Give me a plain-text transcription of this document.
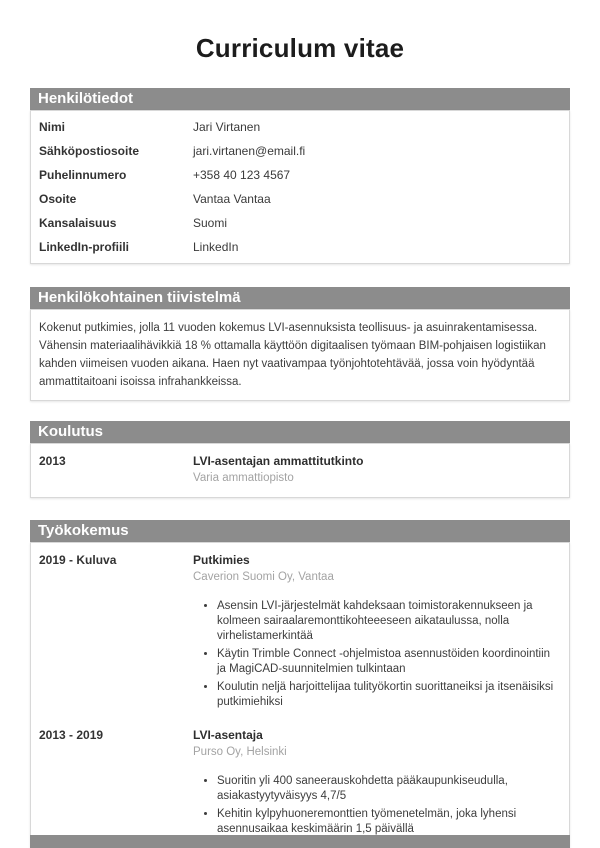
Curriculum vitae
Henkilötiedot
Nimi	Jari Virtanen
Sähköpostiosoite	jari.virtanen@email.fi
Puhelinnumero	+358 40 123 4567
Osoite	Vantaa Vantaa
Kansalaisuus	Suomi
LinkedIn-profiili	LinkedIn
Henkilökohtainen tiivistelmä

Kokenut putkimies, jolla 11 vuoden kokemus LVI-asennuksista teollisuus- ja asuinrakentamisessa. Vähensin materiaalihävikkiä 18 % ottamalla käyttöön digitaalisen työmaan BIM-pohjaisen logistiikan kahden viimeisen vuoden aikana. Haen nyt vaativampaa työnjohtotehtävää, jossa voin hyödyntää ammattitaitoani isoissa infrahankkeissa.

Koulutus
2013	LVI-asentajan ammattitutkinto
Varia ammattiopisto
Työkokemus
2019 - Kuluva	Putkimies
Caverion Suomi Oy, Vantaa
• Asensin LVI-järjestelmät kahdeksaan toimistorakennukseen ja kolmeen sairaalaremonttikohteeeseen aikataulussa, nolla virhelistamerkintää
• Käytin Trimble Connect -ohjelmistoa asennustöiden koordinointiin ja MagiCAD-suunnitelmien tulkintaan
• Koulutin neljä harjoittelijaa tulityökortin suorittaneiksi ja itsenäisiksi putkimiehiksi
2013 - 2019	LVI-asentaja
Purso Oy, Helsinki
• Suoritin yli 400 saneerauskohdetta pääkaupunkiseudulla, asiakastyytyväisyys 4,7/5
• Kehitin kylpyhuoneremonttien työmenetelmän, joka lyhensi asennusaikaa keskimäärin 1,5 päivällä
